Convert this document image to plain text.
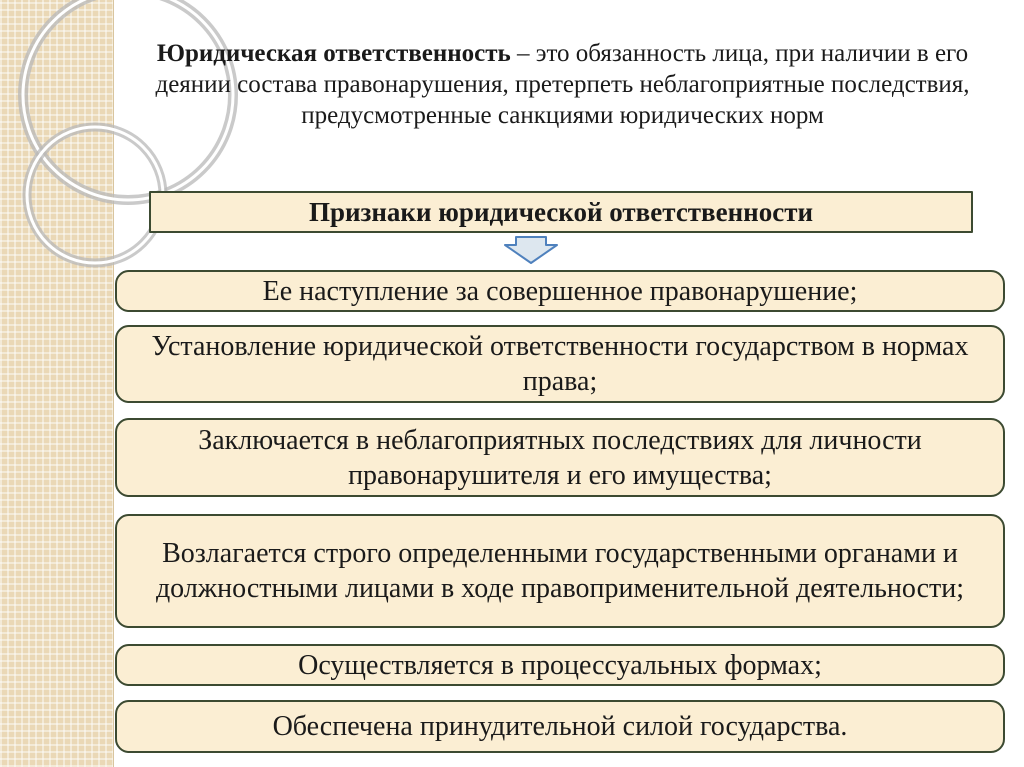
Юридическая ответственность – это обязанность лица, при наличии в его деянии состава правонарушения, претерпеть неблагоприятные последствия, предусмотренные санкциями юридических норм
Признаки юридической ответственности
Ее наступление за совершенное правонарушение;
Установление юридической ответственности государством в нормах права;
Заключается в неблагоприятных последствиях для личности правонарушителя и его имущества;
Возлагается строго определенными государственными органами и должностными лицами в ходе правоприменительной деятельности;
Осуществляется в процессуальных формах;
Обеспечена принудительной силой государства.
